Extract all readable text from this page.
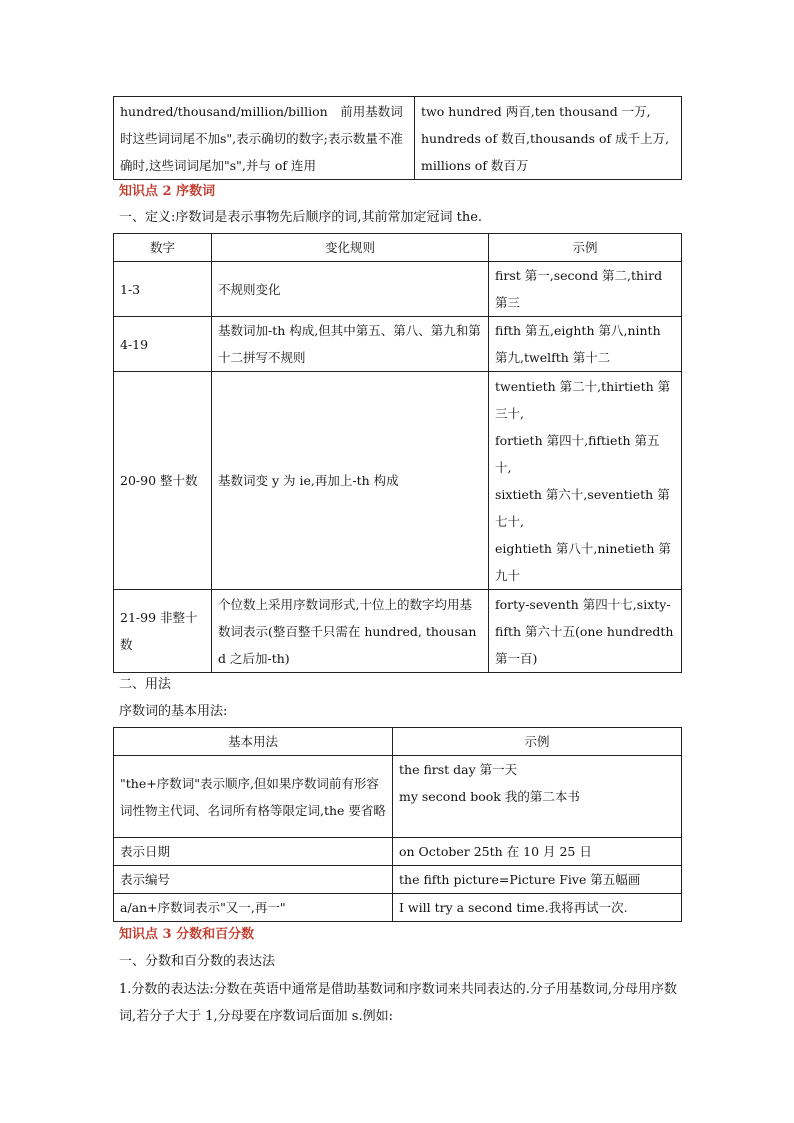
hundred/thousand/million/billion　前用基数词时这些词词尾不加s",表示确切的数字;表示数量不准确时,这些词词尾加"s",并与 of 连用	two hundred 两百,ten thousand 一万,
hundreds of 数百,thousands of 成千上万,
millions of 数百万
知识点 2 序数词
一、定义:序数词是表示事物先后顺序的词,其前常加定冠词 the.
数字	变化规则	示例
1-3	不规则变化	first 第一,second 第二,third 第三
4-19	基数词加-th 构成,但其中第五、第八、第九和第十二拼写不规则	fifth 第五,eighth 第八,ninth 第九,twelfth 第十二
20-90 整十数	基数词变 y 为 ie,再加上-th 构成	twentieth 第二十,thirtieth 第三十,
fortieth 第四十,fiftieth 第五十,
sixtieth 第六十,seventieth 第七十,
eightieth 第八十,ninetieth 第九十
21-99 非整十数	个位数上采用序数词形式,十位上的数字均用基数词表示(整百整千只需在 hundred, thousand 之后加-th)	forty-seventh 第四十七,sixty-fifth 第六十五(one hundredth 第一百)
二、用法
序数词的基本用法:
基本用法	示例
"the+序数词"表示顺序,但如果序数词前有形容词性物主代词、名词所有格等限定词,the 要省略	the first day 第一天
my second book 我的第二本书
表示日期	on October 25th 在 10 月 25 日
表示编号	the fifth picture=Picture Five 第五幅画
a/an+序数词表示"又一,再一"	I will try a second time.我将再试一次.
知识点 3 分数和百分数
一、分数和百分数的表达法
1.分数的表达法:分数在英语中通常是借助基数词和序数词来共同表达的.分子用基数词,分母用序数词,若分子大于 1,分母要在序数词后面加 s.例如:
